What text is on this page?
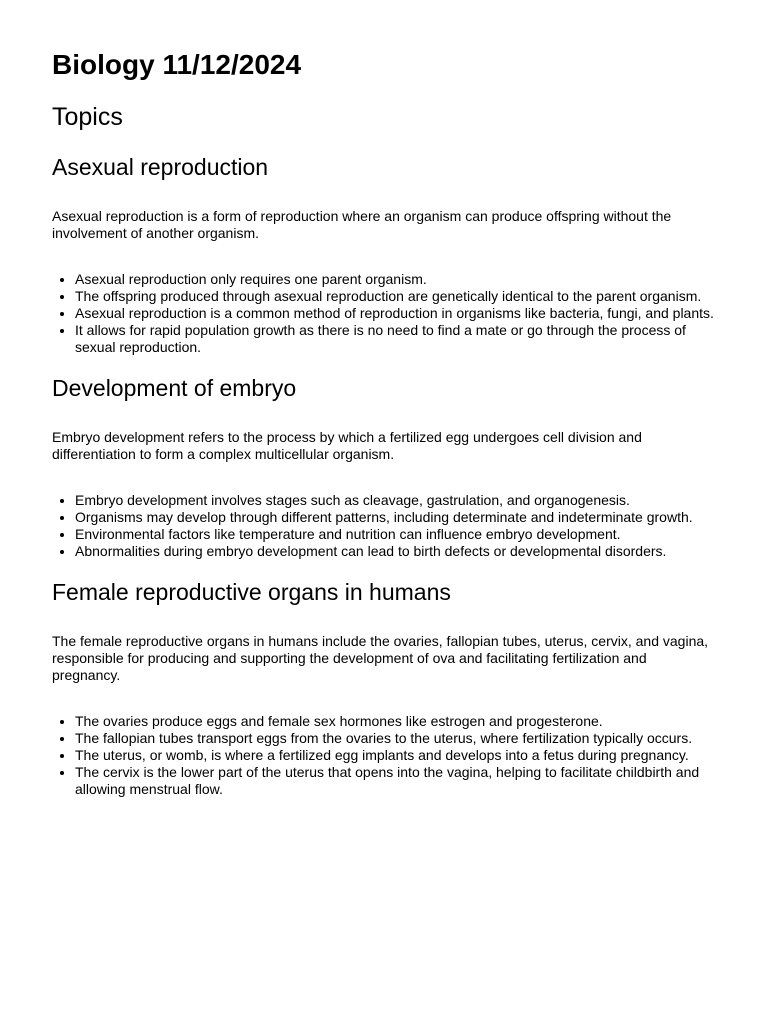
Biology 11/12/2024
Topics
Asexual reproduction

Asexual reproduction is a form of reproduction where an organism can produce offspring without the involvement of another organism.

• Asexual reproduction only requires one parent organism.
• The offspring produced through asexual reproduction are genetically identical to the parent organism.
• Asexual reproduction is a common method of reproduction in organisms like bacteria, fungi, and plants.
• It allows for rapid population growth as there is no need to find a mate or go through the process of sexual reproduction.
Development of embryo

Embryo development refers to the process by which a fertilized egg undergoes cell division and differentiation to form a complex multicellular organism.

• Embryo development involves stages such as cleavage, gastrulation, and organogenesis.
• Organisms may develop through different patterns, including determinate and indeterminate growth.
• Environmental factors like temperature and nutrition can influence embryo development.
• Abnormalities during embryo development can lead to birth defects or developmental disorders.
Female reproductive organs in humans

The female reproductive organs in humans include the ovaries, fallopian tubes, uterus, cervix, and vagina, responsible for producing and supporting the development of ova and facilitating fertilization and pregnancy.

• The ovaries produce eggs and female sex hormones like estrogen and progesterone.
• The fallopian tubes transport eggs from the ovaries to the uterus, where fertilization typically occurs.
• The uterus, or womb, is where a fertilized egg implants and develops into a fetus during pregnancy.
• The cervix is the lower part of the uterus that opens into the vagina, helping to facilitate childbirth and allowing menstrual flow.
